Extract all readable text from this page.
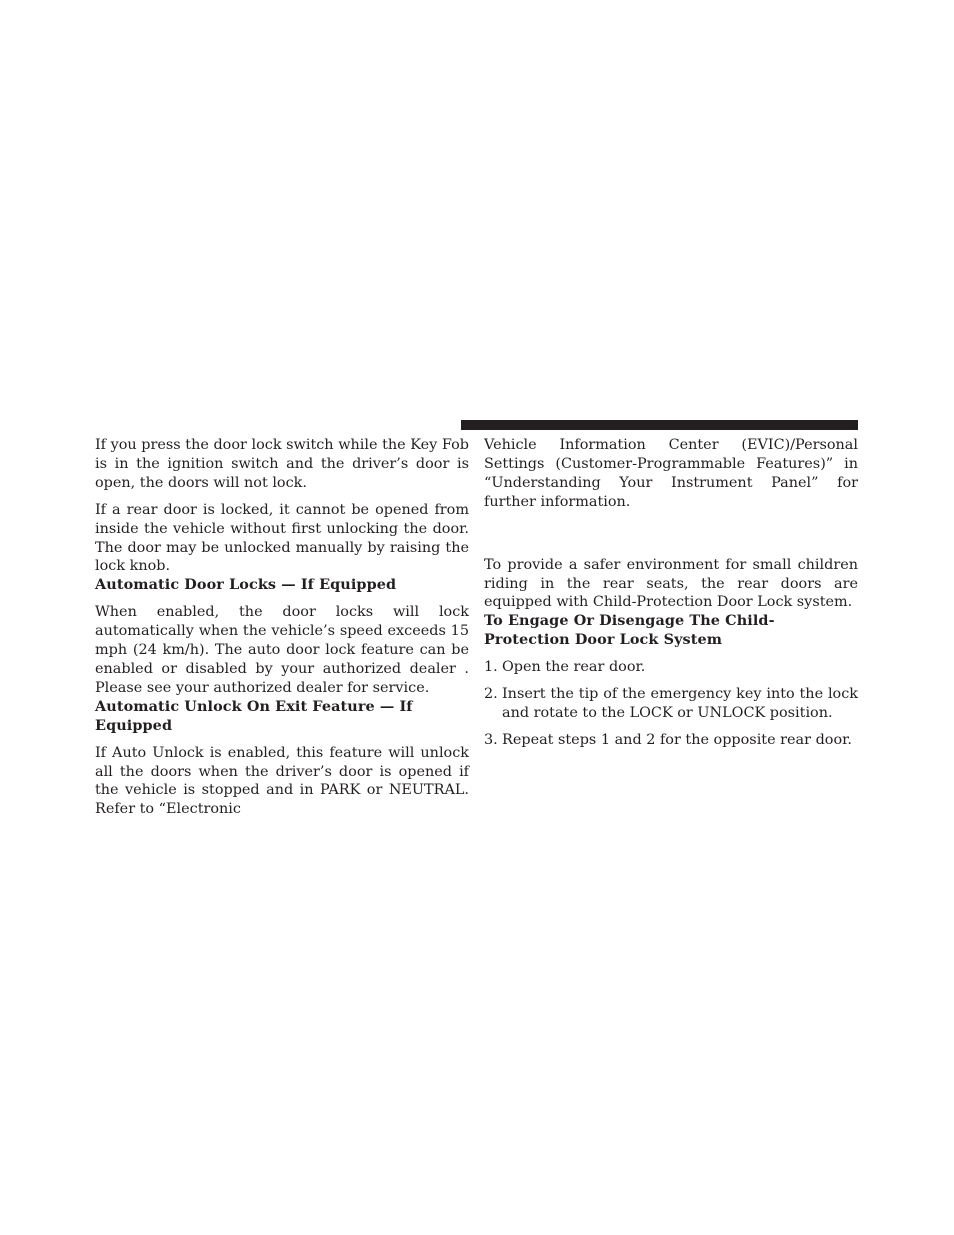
If you press the door lock switch while the Key Fob is in the ignition switch and the driver’s door is open, the doors will not lock.

If a rear door is locked, it cannot be opened from inside the vehicle without first unlocking the door. The door may be unlocked manually by raising the lock knob.

Automatic Door Locks — If Equipped

When enabled, the door locks will lock automatically when the vehicle’s speed exceeds 15 mph (24 km/h). The auto door lock feature can be enabled or disabled by your authorized dealer . Please see your authorized dealer for service.

Automatic Unlock On Exit Feature — If Equipped

If Auto Unlock is enabled, this feature will unlock all the doors when the driver’s door is opened if the vehicle is stopped and in PARK or NEUTRAL. Refer to “Electronic

Vehicle Information Center (EVIC)/Personal Settings (Customer-Programmable Features)” in “Understanding Your Instrument Panel” for further information.

To provide a safer environment for small children riding in the rear seats, the rear doors are equipped with Child-Protection Door Lock system.

To Engage Or Disengage The Child-Protection Door Lock System

1. Open the rear door.
2. Insert the tip of the emergency key into the lock and rotate to the LOCK or UNLOCK position.
3. Repeat steps 1 and 2 for the opposite rear door.
